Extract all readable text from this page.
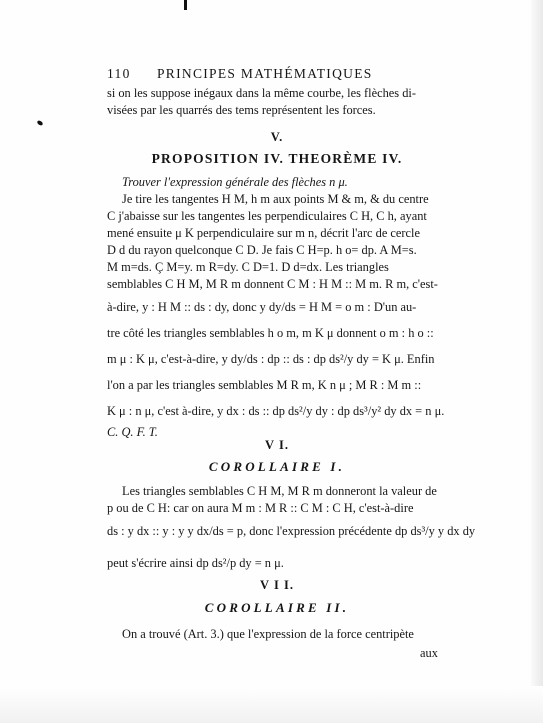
110 PRINCIPES MATHÉMATIQUES
si on les suppose inégaux dans la même courbe, les flèches di-
visées par les quarrés des tems représentent les forces.
V.
PROPOSITION IV. THEORÈME IV.
Trouver l'expression générale des flèches n μ.
Je tire les tangentes H M, h m aux points M & m, & du centre
C j'abaisse sur les tangentes les perpendiculaires C H, C h, ayant
mené ensuite μ K perpendiculaire sur m n, décrit l'arc de cercle
D d du rayon quelconque C D. Je fais C H=p. h o= dp. A M=s.
M m=ds. Ç M=y. m R=dy. C D=1. D d=dx. Les triangles
semblables C H M, M R m donnent C M : H M :: M m. R m, c'est-
à-dire, y : H M :: ds : dy, donc y dy/ds = H M = o m : D'un au-
tre côté les triangles semblables h o m, m K μ donnent o m : h o ::
m μ : K μ, c'est-à-dire, y dy/ds : dp :: ds : dp ds²/y dy = K μ. Enfin
l'on a par les triangles semblables M R m, K n μ ; M R : M m ::
K μ : n μ, c'est à-dire, y dx : ds :: dp ds²/y dy : dp ds³/y² dy dx = n μ.
C. Q. F. T.
V I.
COROLLAIRE I.
Les triangles semblables C H M, M R m donneront la valeur de
p ou de C H: car on aura M m : M R :: C M : C H, c'est-à-dire
ds : y dx :: y : y y dx/ds = p, donc l'expression précédente dp ds³/y y dx dy
peut s'écrire ainsi dp ds²/p dy = n μ.
V I I.
COROLLAIRE II.
On a trouvé (Art. 3.) que l'expression de la force centripète
aux
